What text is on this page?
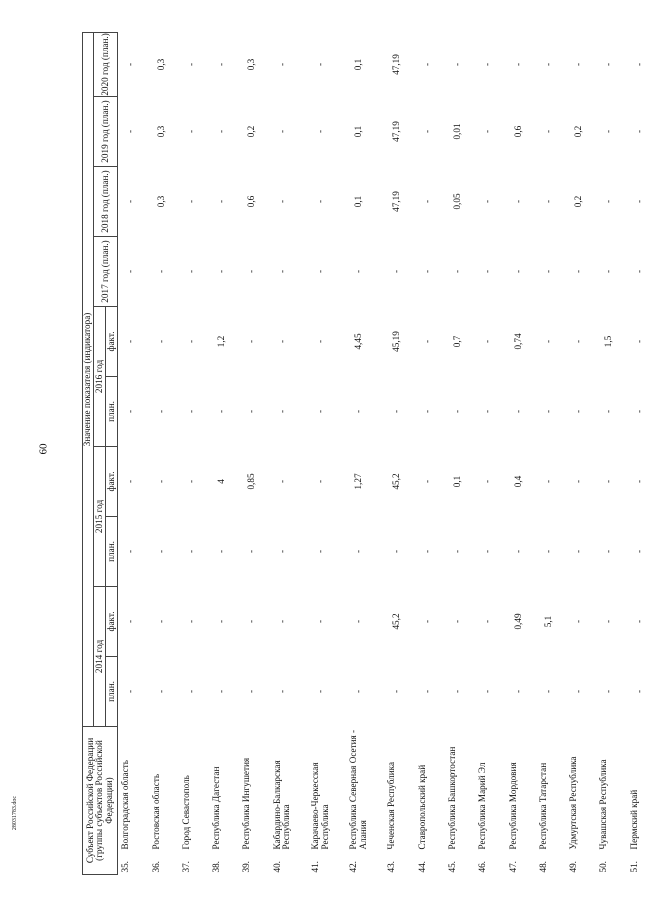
60
28031783.doc	Субъект Российской Федерации (группы субъектов Российской Федерации)		Значение показателя (индикатора)									
		2014 год		2015 год		2016 год		2017 год (план.)	2018 год (план.)	2019 год (план.)	2020 год (план.)
		план.	факт.	план.	факт.	план.	факт.				
35.	Волгоградская область	-	-	-	-	-	-	-	-	-	-
36.	Ростовская область	-	-	-	-	-	-	-	0,3	0,3	0,3
37.	Город Севастополь	-	-	-	-	-	-	-	-	-	-
38.	Республика Дагестан	-	-	-	4	-	1,2	-	-	-	-
39.	Республика Ингушетия	-	-	-	0,85	-	-	-	0,6	0,2	0,3
40.	Кабардино-Балкарская Республика	-	-	-	-	-	-	-	-	-	-
41.	Карачаево-Черкесская Республика	-	-	-	-	-	-	-	-	-	-
42.	Республика Северная Осетия - Алания	-	-	-	1,27	-	4,45	-	0,1	0,1	0,1
43.	Чеченская Республика	-	45,2	-	45,2	-	45,19	-	47,19	47,19	47,19
44.	Ставропольский край	-	-	-	-	-	-	-	-	-	-
45.	Республика Башкортостан	-	-	-	0,1	-	0,7	-	0,05	0,01	-
46.	Республика Марий Эл	-	-	-	-	-	-	-	-	-	-
47.	Республика Мордовия	-	0,49	-	0,4	-	0,74	-	-	0,6	-
48.	Республика Татарстан	-	5,1	-	-	-	-	-	-	-	-
49.	Удмуртская Республика	-	-	-	-	-	-	-	0,2	0,2	-
50.	Чувашская Республика	-	-	-	-	-	1,5	-	-	-	-
51.	Пермский край	-	-	-	-	-	-	-	-	-	-
